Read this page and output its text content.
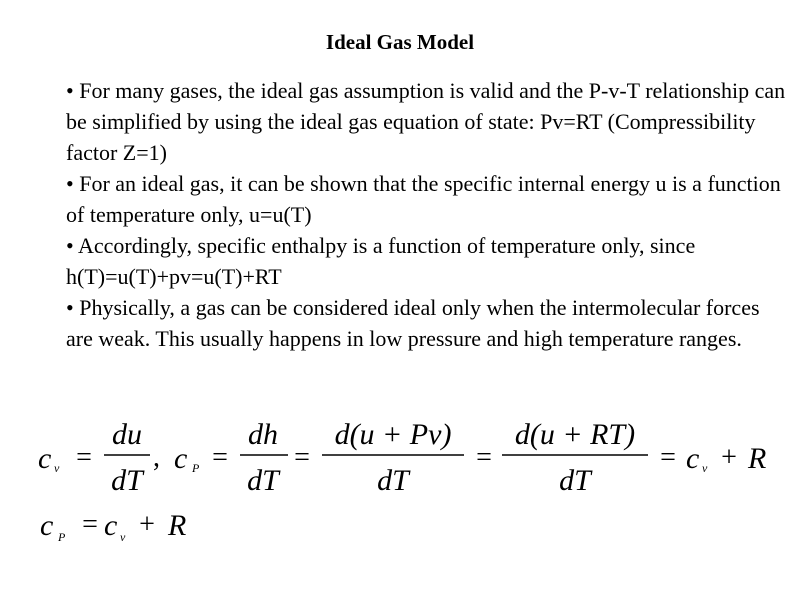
Ideal Gas Model
• For many gases, the ideal gas assumption is valid and the P-v-T relationship can be simplified by using the ideal gas equation of state: Pv=RT (Compressibility factor Z=1)
• For an ideal gas, it can be shown that the specific internal energy u is a function of temperature only, u=u(T)
• Accordingly, specific enthalpy is a function of temperature only, since h(T)=u(T)+pv=u(T)+RT
• Physically, a gas can be considered ideal only when the intermolecular forces are weak. This usually happens in low pressure and high temperature ranges.
c v =
du
dT
, c P =
dh
dT
=
d(u + Pv)
dT
=
d(u + RT)
dT
= c v + R
c P = c v + R
